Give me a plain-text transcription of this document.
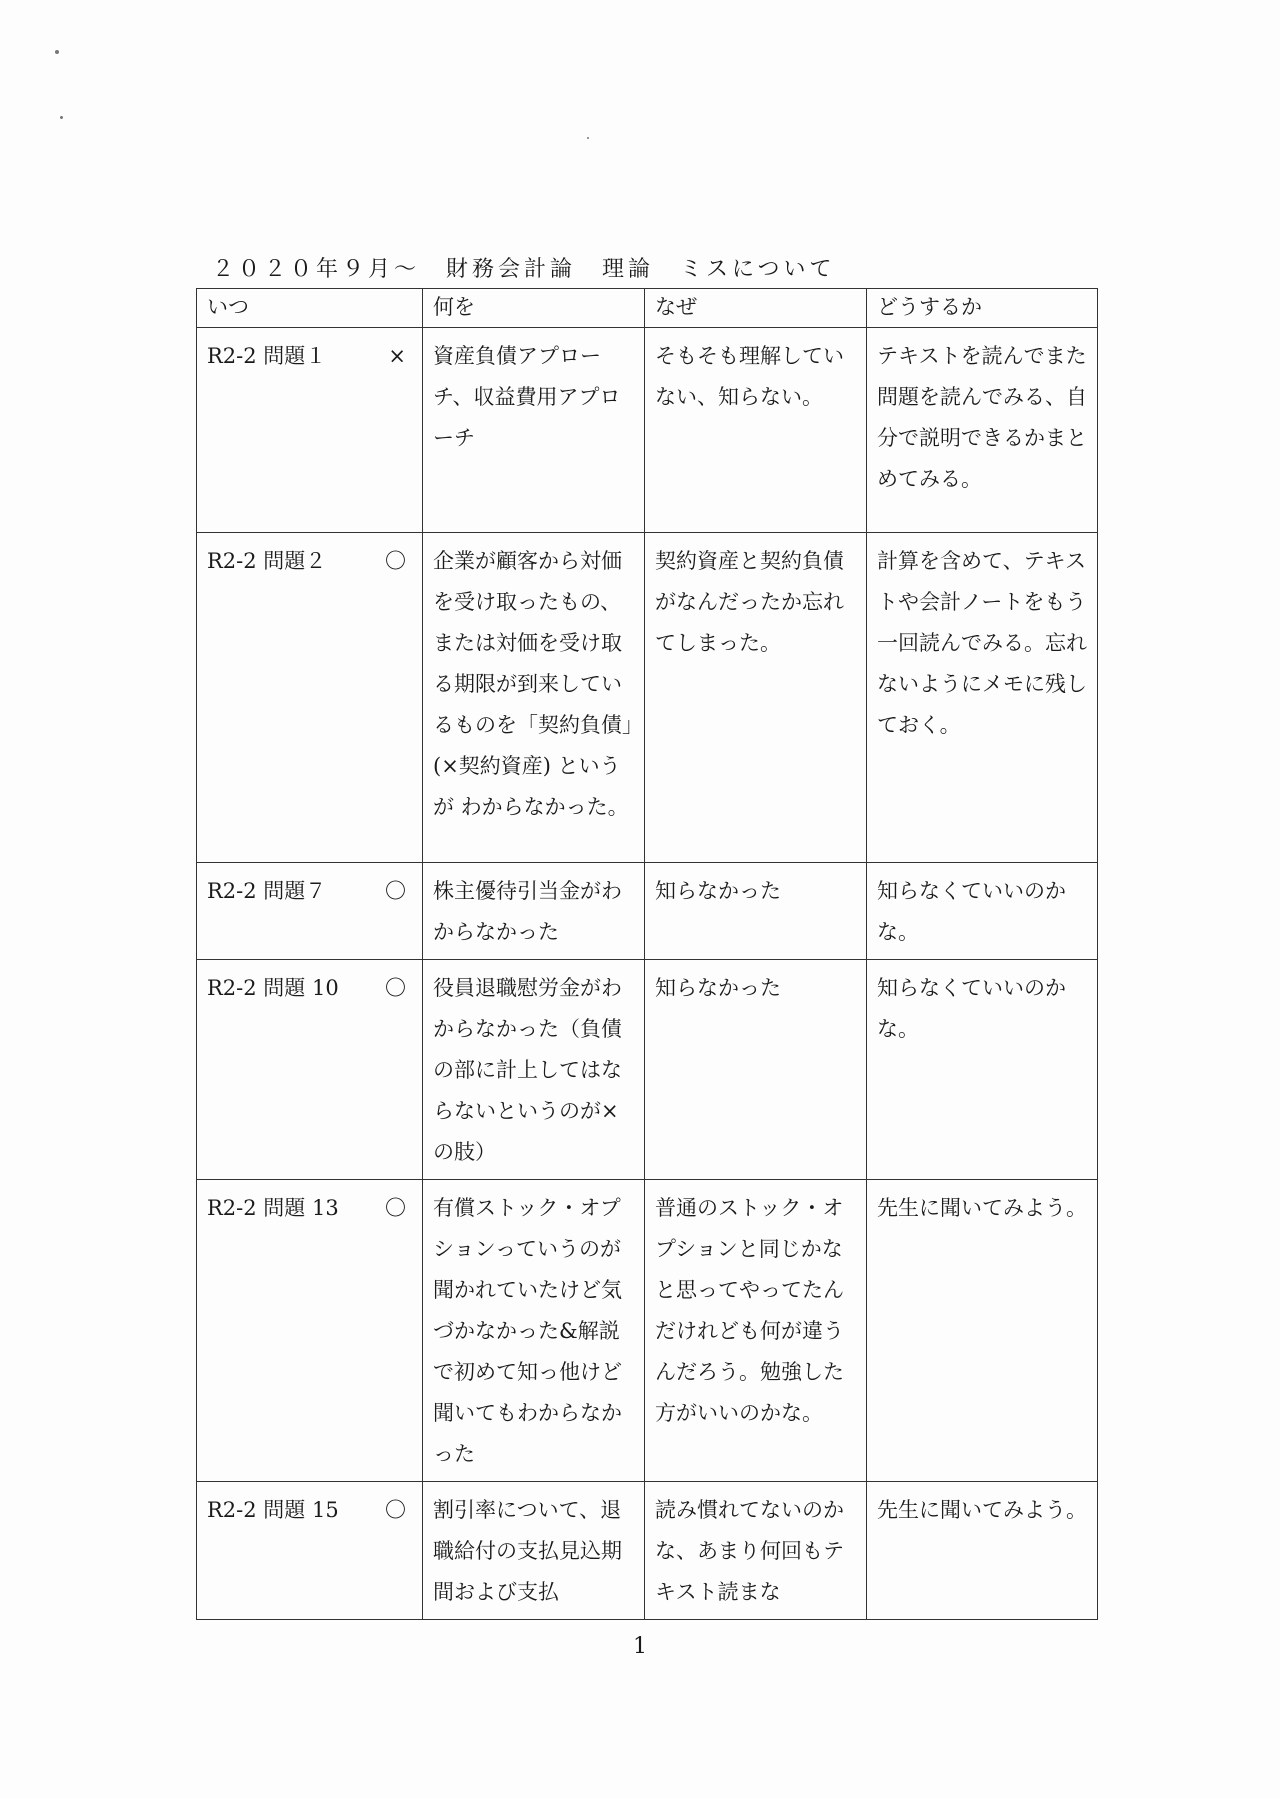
２０２０年９月～　財務会計論　理論　ミスについて
いつ	何を	なぜ	どうするか

R2-2 問題１ ×	資産負債アプローチ、収益費用アプローチ	そもそも理解していない、知らない。	テキストを読んでまた問題を読んでみる、自分で説明できるかまとめてみる。

R2-2 問題２ 〇	企業が顧客から対価を受け取ったもの、または対価を受け取る期限が到来しているものを「契約負債」(×契約資産) という が わからなかった。	契約資産と契約負債がなんだったか忘れてしまった。	計算を含めて、テキストや会計ノートをもう一回読んでみる。忘れないようにメモに残しておく。

R2-2 問題７ 〇	株主優待引当金がわからなかった	知らなかった	知らなくていいのかな。

R2-2 問題 10 〇	役員退職慰労金がわからなかった（負債の部に計上してはならないというのが×の肢）	知らなかった	知らなくていいのかな。

R2-2 問題 13 〇	有償ストック・オプションっていうのが聞かれていたけど気づかなかった&解説で初めて知っ他けど聞いてもわからなかった	普通のストック・オプションと同じかなと思ってやってたんだけれども何が違うんだろう。勉強した方がいいのかな。	先生に聞いてみよう。

R2-2 問題 15 〇	割引率について、退職給付の支払見込期間および支払	読み慣れてないのかな、あまり何回もテキスト読まな	先生に聞いてみよう。
1
